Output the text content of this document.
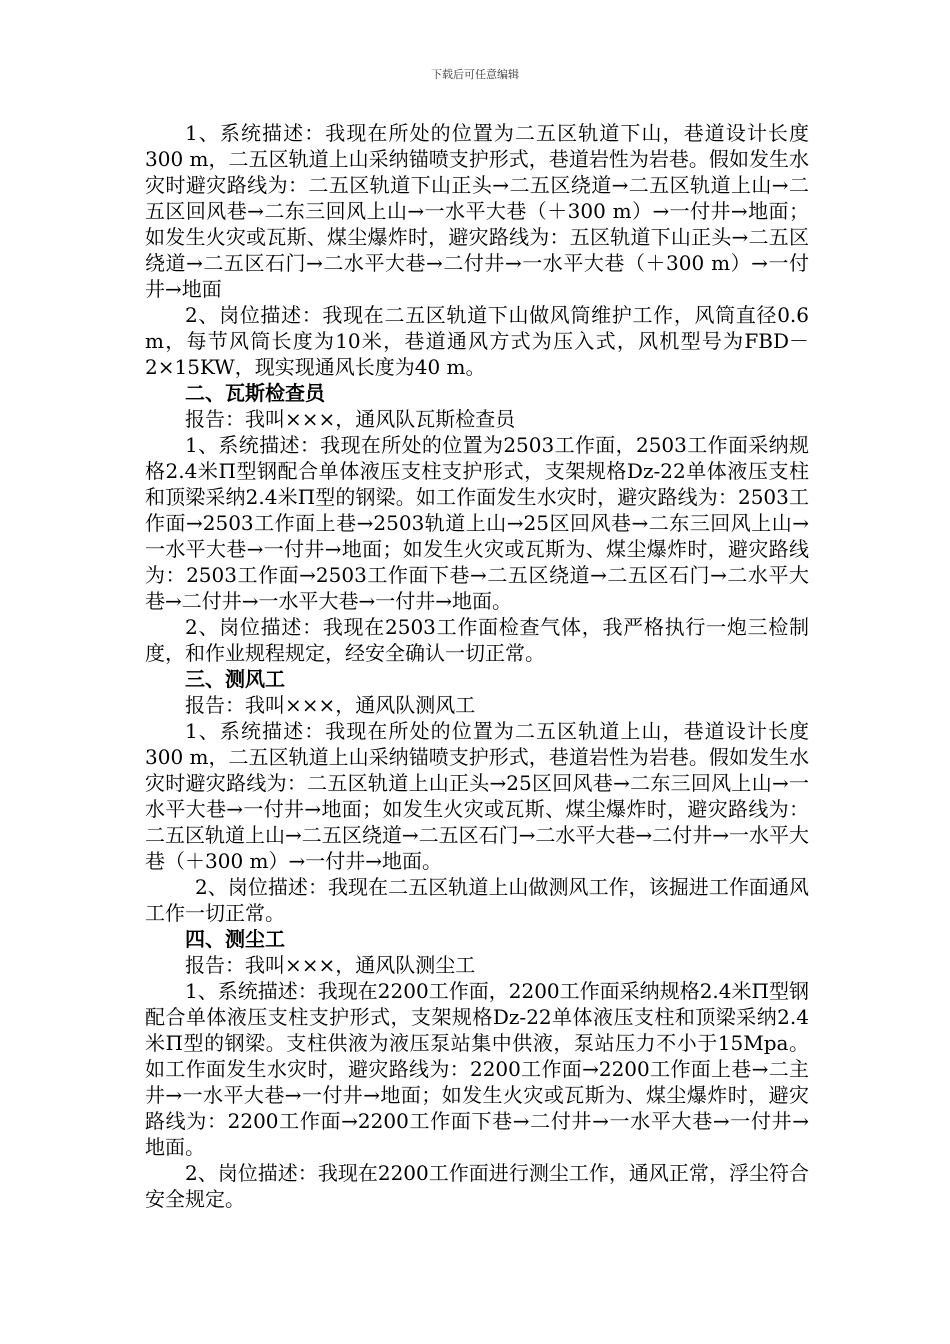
下载后可任意编辑

1、系统描述：我现在所处的位置为二五区轨道下山，巷道设计长度300 m，二五区轨道上山采纳锚喷支护形式，巷道岩性为岩巷。假如发生水灾时避灾路线为：二五区轨道下山正头→二五区绕道→二五区轨道上山→二五区回风巷→二东三回风上山→一水平大巷（＋300 m）→一付井→地面；如发生火灾或瓦斯、煤尘爆炸时，避灾路线为：五区轨道下山正头→二五区绕道→二五区石门→二水平大巷→二付井→一水平大巷（＋300 m）→一付井→地面

2、岗位描述：我现在二五区轨道下山做风筒维护工作，风筒直径0.6 m，每节风筒长度为10米，巷道通风方式为压入式，风机型号为FBD－2×15KW，现实现通风长度为40 m。

二、瓦斯检查员

报告：我叫×××，通风队瓦斯检查员

1、系统描述：我现在所处的位置为2503工作面，2503工作面采纳规格2.4米Π型钢配合单体液压支柱支护形式，支架规格Dz-22单体液压支柱和顶梁采纳2.4米Π型的钢梁。如工作面发生水灾时，避灾路线为：2503工作面→2503工作面上巷→2503轨道上山→25区回风巷→二东三回风上山→一水平大巷→一付井→地面；如发生火灾或瓦斯为、煤尘爆炸时，避灾路线为：2503工作面→2503工作面下巷→二五区绕道→二五区石门→二水平大巷→二付井→一水平大巷→一付井→地面。

2、岗位描述：我现在2503工作面检查气体，我严格执行一炮三检制度，和作业规程规定，经安全确认一切正常。

三、测风工

报告：我叫×××，通风队测风工

1、系统描述：我现在所处的位置为二五区轨道上山，巷道设计长度300 m，二五区轨道上山采纳锚喷支护形式，巷道岩性为岩巷。假如发生水灾时避灾路线为：二五区轨道上山正头→25区回风巷→二东三回风上山→一水平大巷→一付井→地面；如发生火灾或瓦斯、煤尘爆炸时，避灾路线为：二五区轨道上山→二五区绕道→二五区石门→二水平大巷→二付井→一水平大巷（＋300 m）→一付井→地面。

2、岗位描述：我现在二五区轨道上山做测风工作，该掘进工作面通风工作一切正常。

四、测尘工

报告：我叫×××，通风队测尘工

1、系统描述：我现在2200工作面，2200工作面采纳规格2.4米Π型钢配合单体液压支柱支护形式，支架规格Dz-22单体液压支柱和顶梁采纳2.4米Π型的钢梁。支柱供液为液压泵站集中供液，泵站压力不小于15Mpa。如工作面发生水灾时，避灾路线为：2200工作面→2200工作面上巷→二主井→一水平大巷→一付井→地面；如发生火灾或瓦斯为、煤尘爆炸时，避灾路线为：2200工作面→2200工作面下巷→二付井→一水平大巷→一付井→地面。

2、岗位描述：我现在2200工作面进行测尘工作，通风正常，浮尘符合安全规定。
